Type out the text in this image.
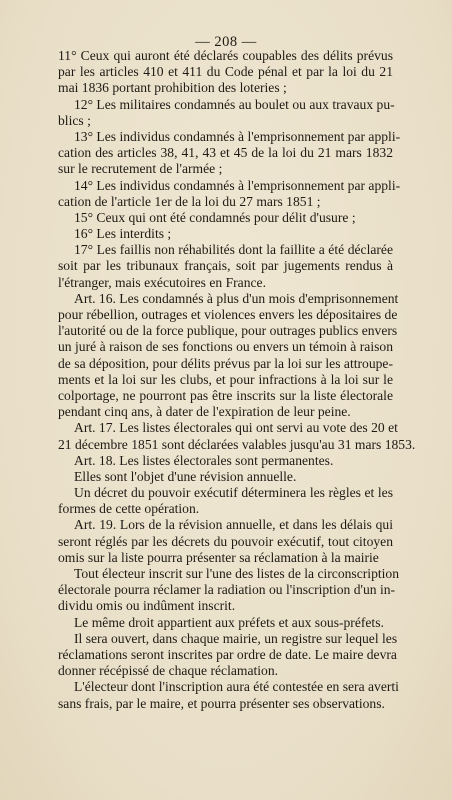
— 208 —
11° Ceux qui auront été déclarés coupables des délits prévus
par les articles 410 et 411 du Code pénal et par la loi du 21
mai 1836 portant prohibition des loteries ;
12° Les militaires condamnés au boulet ou aux travaux pu-
blics ;
13° Les individus condamnés à l'emprisonnement par appli-
cation des articles 38, 41, 43 et 45 de la loi du 21 mars 1832
sur le recrutement de l'armée ;
14° Les individus condamnés à l'emprisonnement par appli-
cation de l'article 1er de la loi du 27 mars 1851 ;
15° Ceux qui ont été condamnés pour délit d'usure ;
16° Les interdits ;
17° Les faillis non réhabilités dont la faillite a été déclarée
soit par les tribunaux français, soit par jugements rendus à
l'étranger, mais exécutoires en France.
Art. 16. Les condamnés à plus d'un mois d'emprisonnement
pour rébellion, outrages et violences envers les dépositaires de
l'autorité ou de la force publique, pour outrages publics envers
un juré à raison de ses fonctions ou envers un témoin à raison
de sa déposition, pour délits prévus par la loi sur les attroupe-
ments et la loi sur les clubs, et pour infractions à la loi sur le
colportage, ne pourront pas être inscrits sur la liste électorale
pendant cinq ans, à dater de l'expiration de leur peine.
Art. 17. Les listes électorales qui ont servi au vote des 20 et
21 décembre 1851 sont déclarées valables jusqu'au 31 mars 1853.
Art. 18. Les listes électorales sont permanentes.
Elles sont l'objet d'une révision annuelle.
Un décret du pouvoir exécutif déterminera les règles et les
formes de cette opération.
Art. 19. Lors de la révision annuelle, et dans les délais qui
seront réglés par les décrets du pouvoir exécutif, tout citoyen
omis sur la liste pourra présenter sa réclamation à la mairie
Tout électeur inscrit sur l'une des listes de la circonscription
électorale pourra réclamer la radiation ou l'inscription d'un in-
dividu omis ou indûment inscrit.
Le même droit appartient aux préfets et aux sous-préfets.
Il sera ouvert, dans chaque mairie, un registre sur lequel les
réclamations seront inscrites par ordre de date. Le maire devra
donner récépissé de chaque réclamation.
L'électeur dont l'inscription aura été contestée en sera averti
sans frais, par le maire, et pourra présenter ses observations.
